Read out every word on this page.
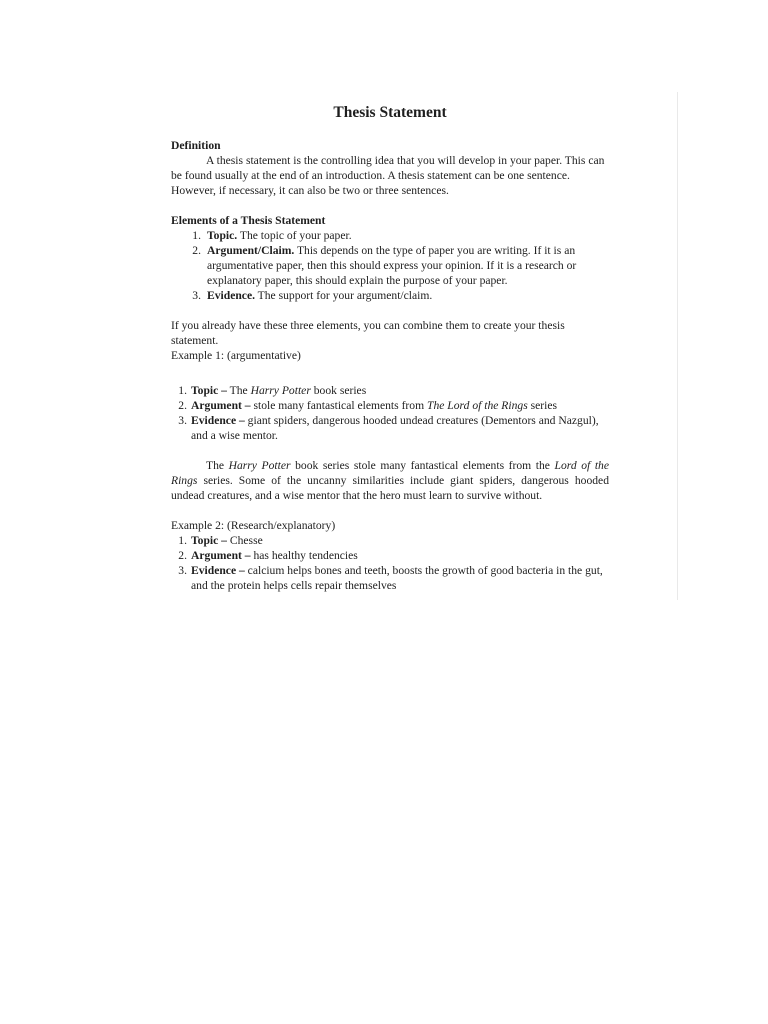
Thesis Statement
Definition

A thesis statement is the controlling idea that you will develop in your paper. This can be found usually at the end of an introduction. A thesis statement can be one sentence. However, if necessary, it can also be two or three sentences.

Elements of a Thesis Statement
1. Topic. The topic of your paper.
2. Argument/Claim. This depends on the type of paper you are writing. If it is an argumentative paper, then this should express your opinion. If it is a research or explanatory paper, this should explain the purpose of your paper.
3. Evidence. The support for your argument/claim.

If you already have these three elements, you can combine them to create your thesis statement.

Example 1: (argumentative)
1. Topic – The Harry Potter book series
2. Argument – stole many fantastical elements from The Lord of the Rings series
3. Evidence – giant spiders, dangerous hooded undead creatures (Dementors and Nazgul), and a wise mentor.

The Harry Potter book series stole many fantastical elements from the Lord of the Rings series. Some of the uncanny similarities include giant spiders, dangerous hooded undead creatures, and a wise mentor that the hero must learn to survive without.

Example 2: (Research/explanatory)
1. Topic – Chesse
2. Argument – has healthy tendencies
3. Evidence – calcium helps bones and teeth, boosts the growth of good bacteria in the gut, and the protein helps cells repair themselves
